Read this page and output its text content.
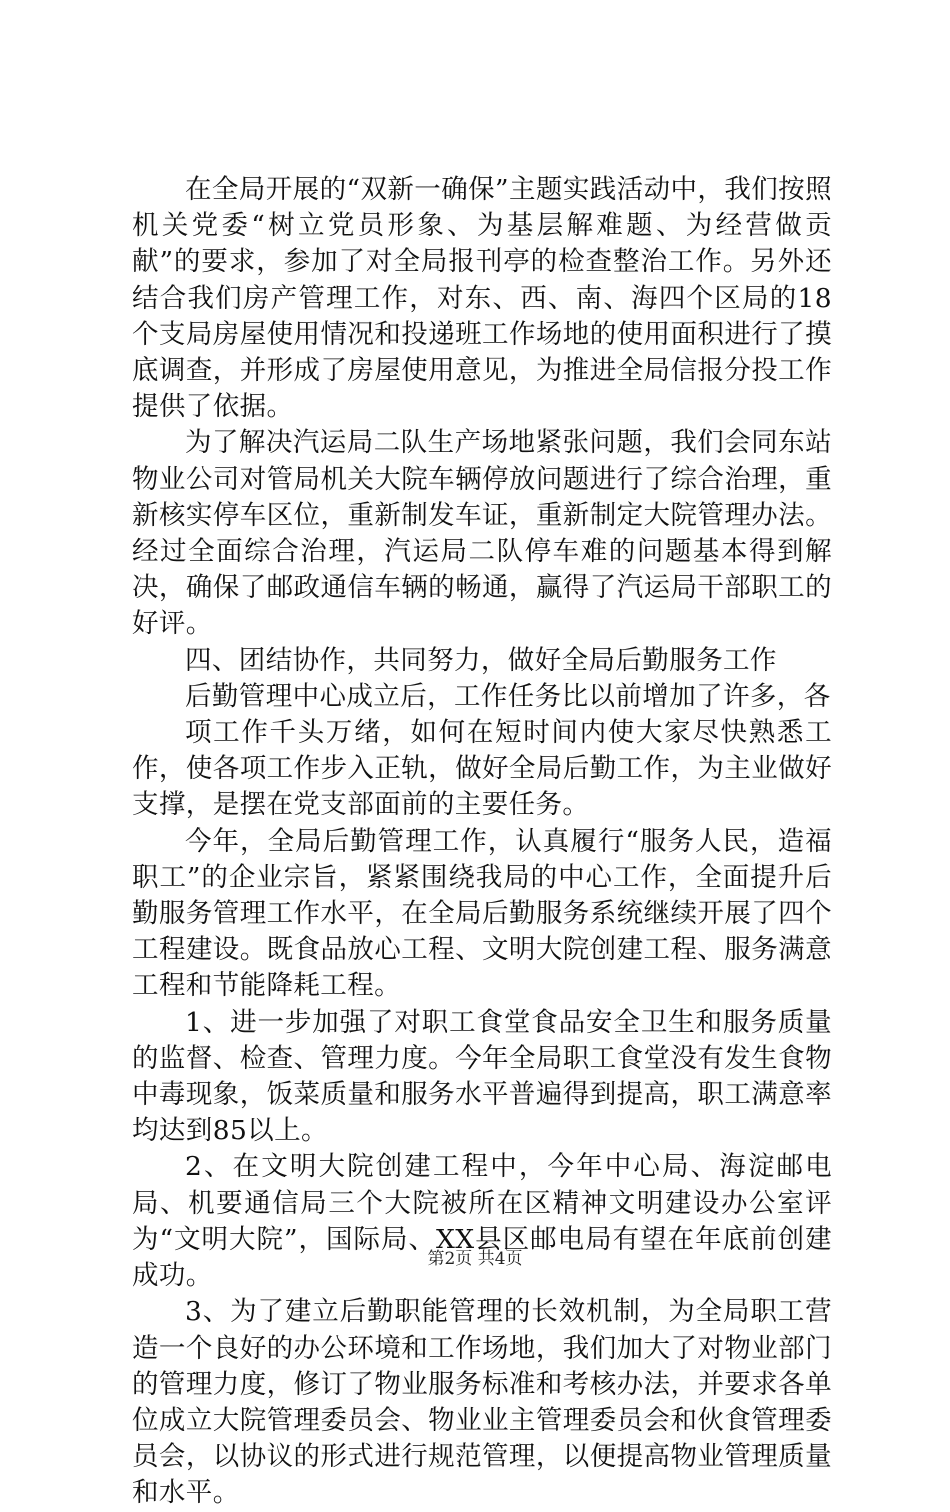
在全局开展的“双新一确保”主题实践活动中，我们按照机关党委“树立党员形象、为基层解难题、为经营做贡献”的要求，参加了对全局报刊亭的检查整治工作。另外还结合我们房产管理工作，对东、西、南、海四个区局的18个支局房屋使用情况和投递班工作场地的使用面积进行了摸底调查，并形成了房屋使用意见，为推进全局信报分投工作提供了依据。

为了解决汽运局二队生产场地紧张问题，我们会同东站物业公司对管局机关大院车辆停放问题进行了综合治理，重新核实停车区位，重新制发车证，重新制定大院管理办法。经过全面综合治理，汽运局二队停车难的问题基本得到解决，确保了邮政通信车辆的畅通，赢得了汽运局干部职工的好评。

四、团结协作，共同努力，做好全局后勤服务工作

后勤管理中心成立后，工作任务比以前增加了许多，各

项工作千头万绪，如何在短时间内使大家尽快熟悉工作，使各项工作步入正轨，做好全局后勤工作，为主业做好支撑，是摆在党支部面前的主要任务。

今年，全局后勤管理工作，认真履行“服务人民，造福职工”的企业宗旨，紧紧围绕我局的中心工作，全面提升后勤服务管理工作水平，在全局后勤服务系统继续开展了四个工程建设。既食品放心工程、文明大院创建工程、服务满意工程和节能降耗工程。

1、进一步加强了对职工食堂食品安全卫生和服务质量的监督、检查、管理力度。今年全局职工食堂没有发生食物中毒现象，饭菜质量和服务水平普遍得到提高，职工满意率均达到85以上。

2、在文明大院创建工程中，今年中心局、海淀邮电局、机要通信局三个大院被所在区精神文明建设办公室评为“文明大院”，国际局、XX县区邮电局有望在年底前创建成功。

3、为了建立后勤职能管理的长效机制，为全局职工营造一个良好的办公环境和工作场地，我们加大了对物业部门的管理力度，修订了物业服务标准和考核办法，并要求各单位成立大院管理委员会、物业业主管理委员会和伙食管理委员会，以协议的形式进行规范管理，以便提高物业管理质量和水平。

第2页 共4页
